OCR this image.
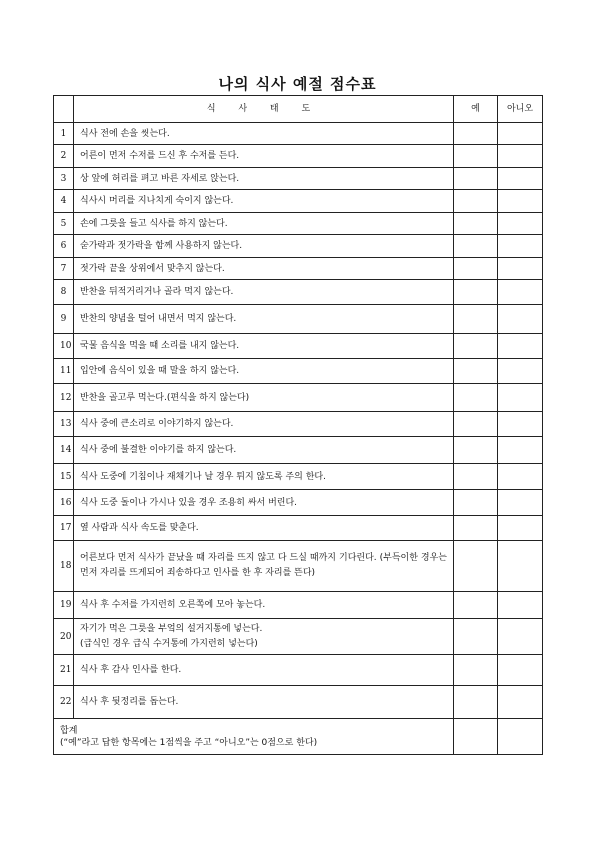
나의 식사 예절 점수표
	식 사 태 도	예	아니오
1	식사 전에 손을 씻는다.		
2	어른이 먼저 수저를 드신 후 수저를 든다.		
3	상 앞에 허리를 펴고 바른 자세로 앉는다.		
4	식사시 머리를 지나치게 숙이지 않는다.		
5	손에 그릇을 들고 식사를 하지 않는다.		
6	숟가락과 젓가락을 함께 사용하지 않는다.		
7	젓가락 끝을 상위에서 맞추지 않는다.		
8	반찬을 뒤적거리거나 골라 먹지 않는다.		
9	반찬의 양념을 털어 내면서 먹지 않는다.		
10	국물 음식을 먹을 때 소리를 내지 않는다.		
11	입안에 음식이 있을 때 말을 하지 않는다.		
12	반찬을 골고루 먹는다.(편식을 하지 않는다)		
13	식사 중에 큰소리로 이야기하지 않는다.		
14	식사 중에 불결한 이야기를 하지 않는다.		
15	식사 도중에 기침이나 재채기나 날 경우 튀지 않도록 주의 한다.		
16	식사 도중 돌이나 가시나 있을 경우 조용히 싸서 버린다.		
17	옆 사람과 식사 속도를 맞춘다.		
18	어른보다 먼저 식사가 끝났을 때 자리를 뜨지 않고 다 드실 때까지 기다린다. (부득이한 경우는 먼저 자리를 뜨게되어 죄송하다고 인사를 한 후 자리를 뜬다)		
19	식사 후 수저를 가지런히 오른쪽에 모아 놓는다.		
20	자기가 먹은 그릇을 부엌의 설거지통에 넣는다.
(급식인 경우 급식 수거통에 가지런히 넣는다)		

21	식사 후 감사 인사를 한다.		
22	식사 후 뒷정리를 돕는다.		

합계
(“예”라고 답한 항목에는 1점씩을 주고 “아니오”는 0점으로 한다)			
